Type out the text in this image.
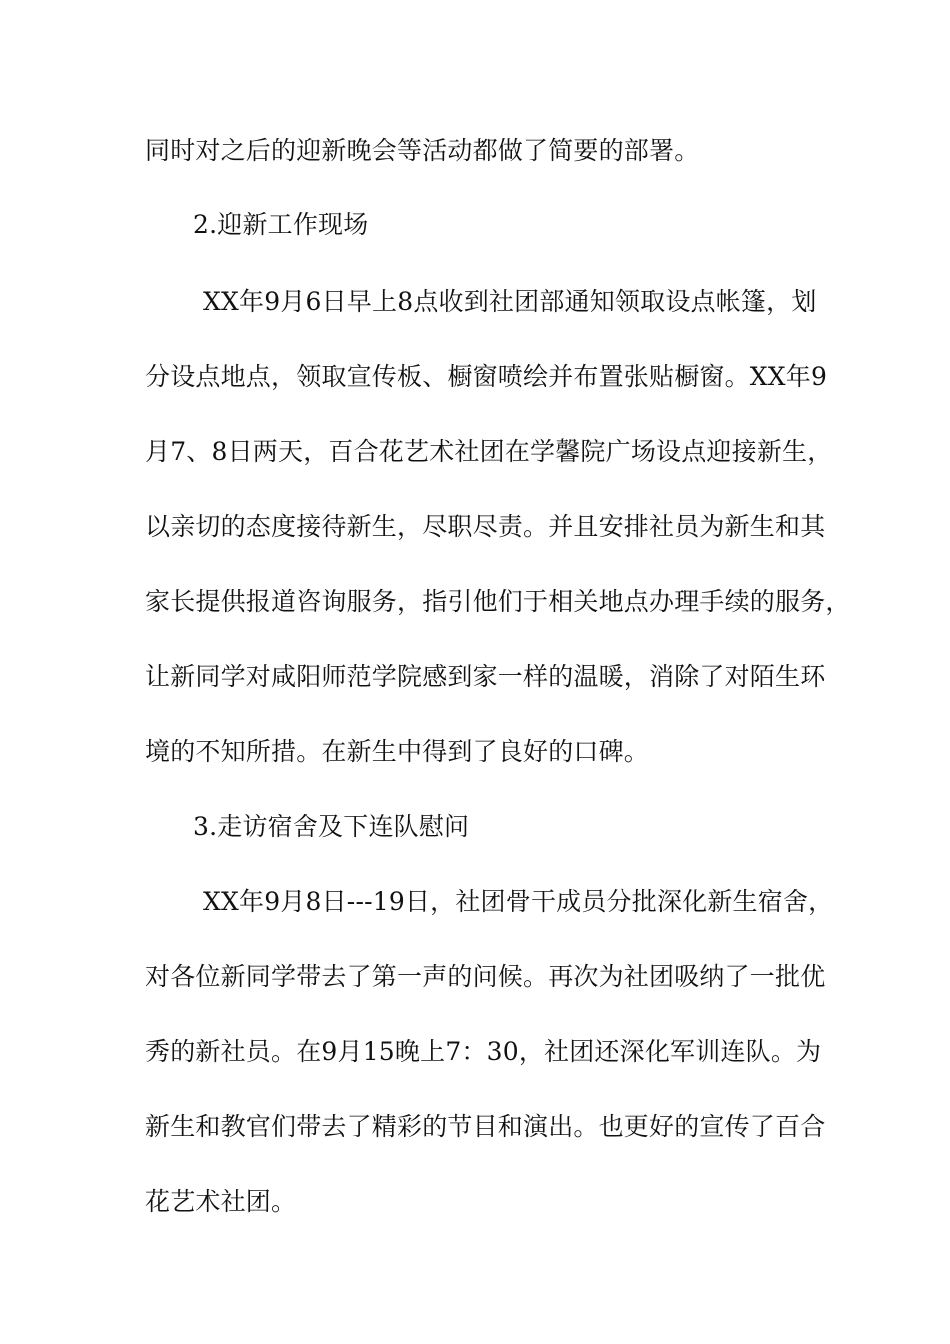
同时对之后的迎新晚会等活动都做了简要的部署。
2.迎新工作现场
XX年9月6日早上8点收到社团部通知领取设点帐篷，划
分设点地点，领取宣传板、橱窗喷绘并布置张贴橱窗。XX年9
月7、8日两天，百合花艺术社团在学馨院广场设点迎接新生，
以亲切的态度接待新生，尽职尽责。并且安排社员为新生和其
家长提供报道咨询服务，指引他们于相关地点办理手续的服务，
让新同学对咸阳师范学院感到家一样的温暖，消除了对陌生环
境的不知所措。在新生中得到了良好的口碑。
3.走访宿舍及下连队慰问
XX年9月8日---19日，社团骨干成员分批深化新生宿舍，
对各位新同学带去了第一声的问候。再次为社团吸纳了一批优
秀的新社员。在9月15晚上7：30，社团还深化军训连队。为
新生和教官们带去了精彩的节目和演出。也更好的宣传了百合
花艺术社团。
